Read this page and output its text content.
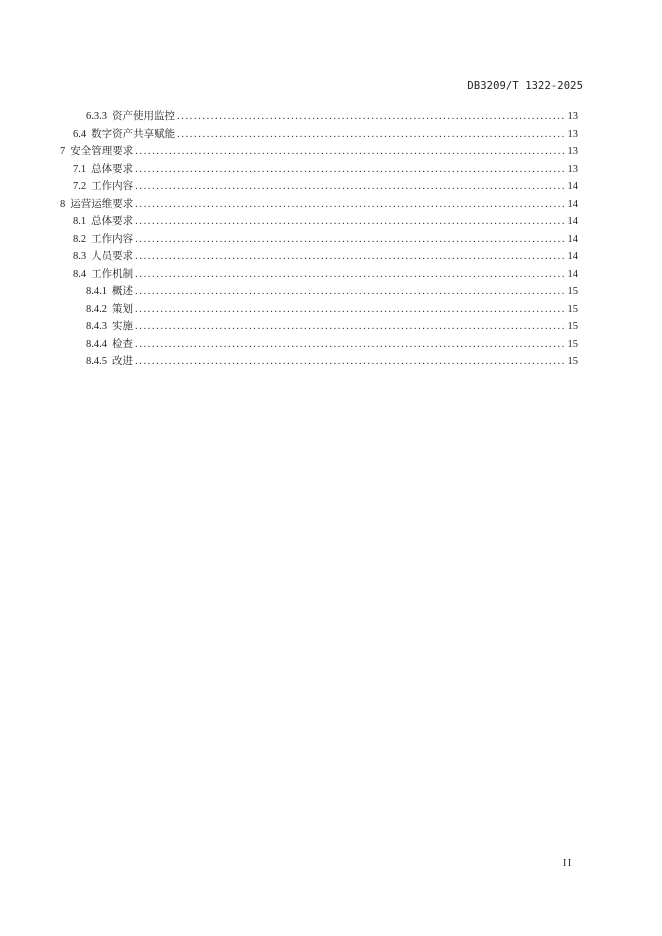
DB3209/T 1322-2025
6.3.3 资产使用监控 .....	13
6.4 数字资产共享赋能 .....	13
7 安全管理要求 .....	13
7.1 总体要求 .....	13
7.2 工作内容 .....	14
8 运营运维要求 .....	14
8.1 总体要求 .....	14
8.2 工作内容 .....	14
8.3 人员要求 .....	14
8.4 工作机制 .....	14
8.4.1 概述 .....	15
8.4.2 策划 .....	15
8.4.3 实施 .....	15
8.4.4 检查 .....	15
8.4.5 改进 .....	15
II
